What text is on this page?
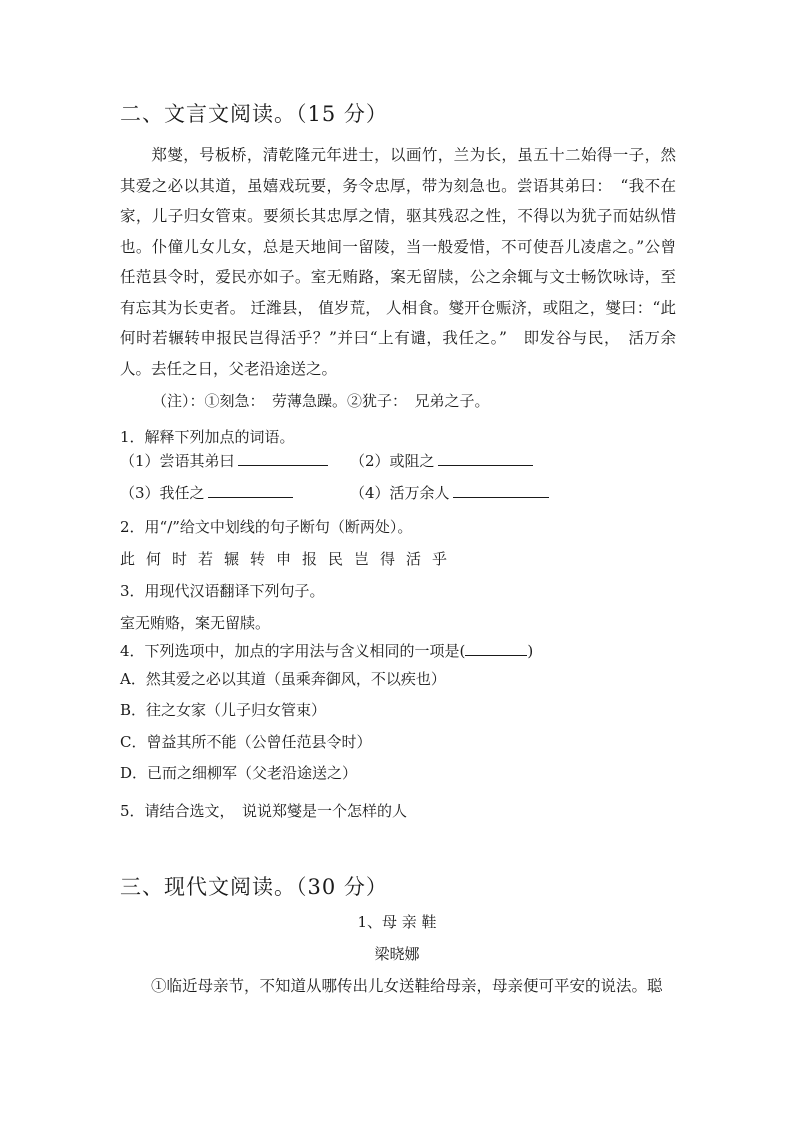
二、文言文阅读。（15 分）

郑燮，号板桥，清乾隆元年进士，以画竹，兰为长，虽五十二始得一子，然其爱之必以其道，虽嬉戏玩要，务令忠厚，带为刻急也。尝语其弟曰：　“我不在家，儿子归女管束。要须长其忠厚之情，驱其残忍之性，不得以为犹子而姑纵惜也。仆僮儿女儿女，总是天地间一留陵，当一般爱惜，不可使吾儿凌虐之。”公曾任范县令时，爱民亦如子。室无贿路，案无留牍，公之余辄与文士畅饮咏诗，至有忘其为长吏者。 迁潍县， 值岁荒， 人相食。燮开仓赈济，或阻之，燮曰：“此何时若辗转申报民岂得活乎？”并曰“上有谴，我任之。”　即发谷与民，　活万余人。去任之日，父老沿途送之。

（注）：①刻急：　劳薄急躁。②犹子：　兄弟之子。
1．解释下列加点的词语。
（1）尝语其弟曰	（2）或阻之
（3）我任之	（4）活万余人
2．用“/”给文中划线的句子断句（断两处）。
此何时若辗转申报民岂得活乎
3．用现代汉语翻译下列句子。
室无贿赂，案无留牍。
4．下列选项中，加点的字用法与含义相同的一项是(	)
A．然其爱之必以其道（虽乘奔御风，不以疾也）
B．往之女家（儿子归女管束）
C．曾益其所不能（公曾任范县令时）
D．已而之细柳军（父老沿途送之）
5．请结合选文，　说说郑燮是一个怎样的人
三、现代文阅读。（30 分）
1、母 亲 鞋
梁晓娜
①临近母亲节，不知道从哪传出儿女送鞋给母亲，母亲便可平安的说法。聪
